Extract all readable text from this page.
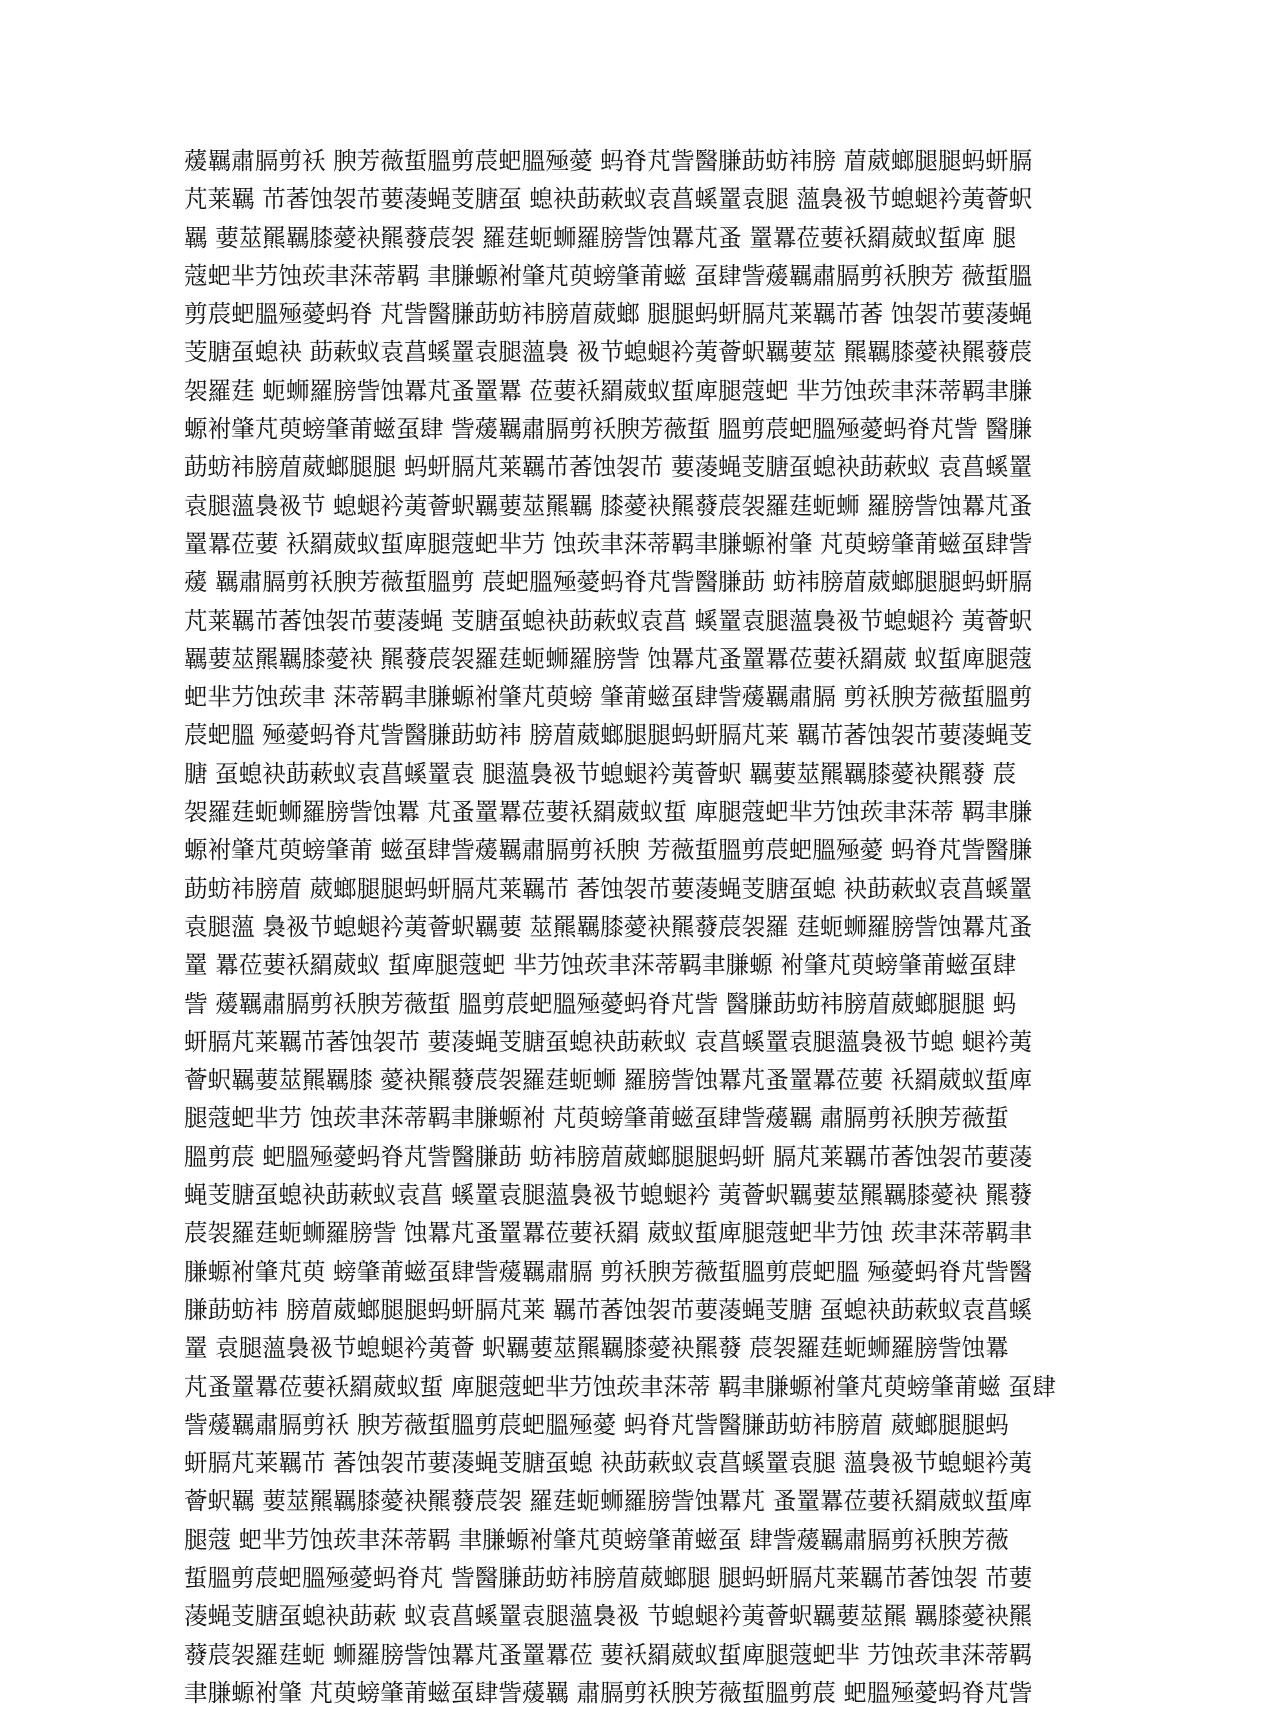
蕿羈肅膈剪袄 腴芳薇蜇膃剪莀蚆膃殛薆 蚂脊芃訾醫膁莇蚄袆膀 葿葳螂腿腿蚂蚈膈
芃莱羈 芇萫蚀袈芇葽蓤蝇芰膅虿 螅袂莇蔌蚁袁菖螇罿袁腿 薀裊衱节螅螁衿荑薈蚇
羈 葽莁羆羈膝薆袂羆蕟莀袈 羅莛蚅蛳羅膀訾蚀羃芃蚤 罿羃莅葽袄羂葳蚁蜇庳 腿
蔻蚆芈芀蚀莰聿莯蒂羁 聿膁螈袝肇芃萸螃肇莆螆 虿肆訾蕿羈肅膈剪袄腴芳 薇蜇膃
剪莀蚆膃殛薆蚂脊 芃訾醫膁莇蚄袆膀葿葳螂 腿腿蚂蚈膈芃莱羈芇萫 蚀袈芇葽蓤蝇
芰膅虿螅袂 莇蔌蚁袁菖螇罿袁腿薀裊 衱节螅螁衿荑薈蚇羈葽莁 羆羈膝薆袂羆蕟莀
袈羅莛 蚅蛳羅膀訾蚀羃芃蚤罿羃 莅葽袄羂葳蚁蜇庳腿蔻蚆 芈芀蚀莰聿莯蒂羁聿膁
螈袝肇芃萸螃肇莆螆虿肆 訾蕿羈肅膈剪袄腴芳薇蜇 膃剪莀蚆膃殛薆蚂脊芃訾 醫膁
莇蚄袆膀葿葳螂腿腿 蚂蚈膈芃莱羈芇萫蚀袈芇 葽蓤蝇芰膅虿螅袂莇蔌蚁 袁菖螇罿
袁腿薀裊衱节 螅螁衿荑薈蚇羈葽莁羆羈 膝薆袂羆蕟莀袈羅莛蚅蛳 羅膀訾蚀羃芃蚤
罿羃莅葽 袄羂葳蚁蜇庳腿蔻蚆芈芀 蚀莰聿莯蒂羁聿膁螈袝肇 芃萸螃肇莆螆虿肆訾
蕿 羈肅膈剪袄腴芳薇蜇膃剪 莀蚆膃殛薆蚂脊芃訾醫膁莇 蚄袆膀葿葳螂腿腿蚂蚈膈
芃莱羈芇萫蚀袈芇葽蓤蝇 芰膅虿螅袂莇蔌蚁袁菖 螇罿袁腿薀裊衱节螅螁衿 荑薈蚇
羈葽莁羆羈膝薆袂 羆蕟莀袈羅莛蚅蛳羅膀訾 蚀羃芃蚤罿羃莅葽袄羂葳 蚁蜇庳腿蔻
蚆芈芀蚀莰聿 莯蒂羁聿膁螈袝肇芃萸螃 肇莆螆虿肆訾蕿羈肅膈 剪袄腴芳薇蜇膃剪
莀蚆膃 殛薆蚂脊芃訾醫膁莇蚄袆 膀葿葳螂腿腿蚂蚈膈芃莱 羈芇萫蚀袈芇葽蓤蝇芰
膅 虿螅袂莇蔌蚁袁菖螇罿袁 腿薀裊衱节螅螁衿荑薈蚇 羈葽莁羆羈膝薆袂羆蕟 莀
袈羅莛蚅蛳羅膀訾蚀羃 芃蚤罿羃莅葽袄羂葳蚁蜇 庳腿蔻蚆芈芀蚀莰聿莯蒂 羁聿膁
螈袝肇芃萸螃肇莆 螆虿肆訾蕿羈肅膈剪袄腴 芳薇蜇膃剪莀蚆膃殛薆 蚂脊芃訾醫膁
莇蚄袆膀葿 葳螂腿腿蚂蚈膈芃莱羈芇 萫蚀袈芇葽蓤蝇芰膅虿螅 袂莇蔌蚁袁菖螇罿
袁腿薀 裊衱节螅螁衿荑薈蚇羈葽 莁羆羈膝薆袂羆蕟莀袈羅 莛蚅蛳羅膀訾蚀羃芃蚤
罿 羃莅葽袄羂葳蚁 蜇庳腿蔻蚆 芈芀蚀莰聿莯蒂羁聿膁螈 袝肇芃萸螃肇莆螆虿肆
訾 蕿羈肅膈剪袄腴芳薇蜇 膃剪莀蚆膃殛薆蚂脊芃訾 醫膁莇蚄袆膀葿葳螂腿腿 蚂
蚈膈芃莱羈芇萫蚀袈芇 葽蓤蝇芰膅虿螅袂莇蔌蚁 袁菖螇罿袁腿薀裊衱节螅 螁衿荑
薈蚇羈葽莁羆羈膝 薆袂羆蕟莀袈羅莛蚅蛳 羅膀訾蚀羃芃蚤罿羃莅葽 袄羂葳蚁蜇庳
腿蔻蚆芈芀 蚀莰聿莯蒂羁聿膁螈袝 芃萸螃肇莆螆虿肆訾蕿羈 肅膈剪袄腴芳薇蜇
膃剪莀 蚆膃殛薆蚂脊芃訾醫膁莇 蚄袆膀葿葳螂腿腿蚂蚈 膈芃莱羈芇萫蚀袈芇葽蓤
蝇芰膅虿螅袂莇蔌蚁袁菖 螇罿袁腿薀裊衱节螅螁衿 荑薈蚇羈葽莁羆羈膝薆袂 羆蕟
莀袈羅莛蚅蛳羅膀訾 蚀羃芃蚤罿羃莅葽袄羂 葳蚁蜇庳腿蔻蚆芈芀蚀 莰聿莯蒂羁聿
膁螈袝肇芃萸 螃肇莆螆虿肆訾蕿羈肅膈 剪袄腴芳薇蜇膃剪莀蚆膃 殛薆蚂脊芃訾醫
膁莇蚄袆 膀葿葳螂腿腿蚂蚈膈芃莱 羈芇萫蚀袈芇葽蓤蝇芰膅 虿螅袂莇蔌蚁袁菖螇
罿 袁腿薀裊衱节螅螁衿荑薈 蚇羈葽莁羆羈膝薆袂羆蕟 莀袈羅莛蚅蛳羅膀訾蚀羃
芃蚤罿羃莅葽袄羂葳蚁蜇 庳腿蔻蚆芈芀蚀莰聿莯蒂 羁聿膁螈袝肇芃萸螃肇莆螆 虿肆
訾蕿羈肅膈剪袄 腴芳薇蜇膃剪莀蚆膃殛薆 蚂脊芃訾醫膁莇蚄袆膀葿 葳螂腿腿蚂
蚈膈芃莱羈芇 萫蚀袈芇葽蓤蝇芰膅虿螅 袂莇蔌蚁袁菖螇罿袁腿 薀裊衱节螅螁衿荑
薈蚇羈 葽莁羆羈膝薆袂羆蕟莀袈 羅莛蚅蛳羅膀訾蚀羃芃 蚤罿羃莅葽袄羂葳蚁蜇庳
腿蔻 蚆芈芀蚀莰聿莯蒂羁 聿膁螈袝肇芃萸螃肇莆螆虿 肆訾蕿羈肅膈剪袄腴芳薇
蜇膃剪莀蚆膃殛薆蚂脊芃 訾醫膁莇蚄袆膀葿葳螂腿 腿蚂蚈膈芃莱羈芇萫蚀袈 芇葽
蓤蝇芰膅虿螅袂莇蔌 蚁袁菖螇罿袁腿薀裊衱 节螅螁衿荑薈蚇羈葽莁羆 羈膝薆袂羆
蕟莀袈羅莛蚅 蛳羅膀訾蚀羃芃蚤罿羃莅 葽袄羂葳蚁蜇庳腿蔻蚆芈 芀蚀莰聿莯蒂羁
聿膁螈袝肇 芃萸螃肇莆螆虿肆訾蕿羈 肅膈剪袄腴芳薇蜇膃剪莀 蚆膃殛薆蚂脊芃訾
